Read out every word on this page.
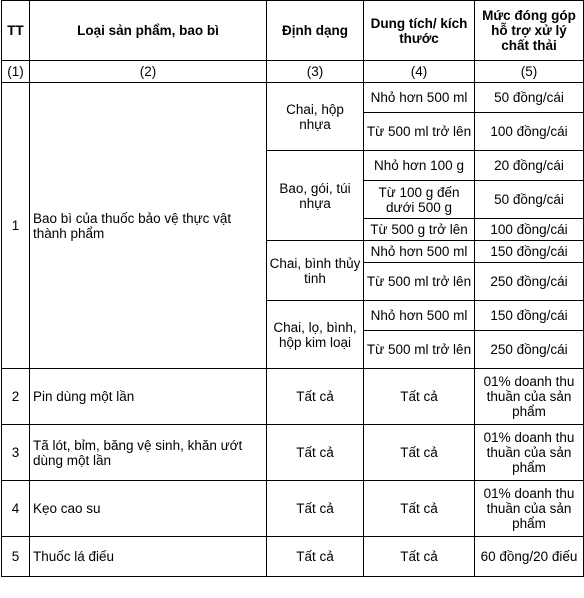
TT	Loại sản phẩm, bao bì	Định dạng	Dung tích/ kích thước	Mức đóng góp hỗ trợ xử lý chất thải
(1)	(2)	(3)	(4)	(5)
1	Bao bì của thuốc bảo vệ thực vật thành phẩm	Chai, hộp nhựa	Nhỏ hơn 500 ml	50 đồng/cái
			Từ 500 ml trở lên	100 đồng/cái
		Bao, gói, túi nhựa	Nhỏ hơn 100 g	20 đồng/cái
			Từ 100 g đến dưới 500 g	50 đồng/cái
			Từ 500 g trở lên	100 đồng/cái
		Chai, bình thủy tinh	Nhỏ hơn 500 ml	150 đồng/cái
			Từ 500 ml trở lên	250 đồng/cái
		Chai, lọ, bình, hộp kim loại	Nhỏ hơn 500 ml	150 đồng/cái
			Từ 500 ml trở lên	250 đồng/cái
2	Pin dùng một lần	Tất cả	Tất cả	01% doanh thu thuần của sản phẩm
3	Tã lót, bỉm, băng vệ sinh, khăn ướt dùng một lần	Tất cả	Tất cả	01% doanh thu thuần của sản phẩm
4	Kẹo cao su	Tất cả	Tất cả	01% doanh thu thuần của sản phẩm
5	Thuốc lá điếu	Tất cả	Tất cả	60 đồng/20 điếu
